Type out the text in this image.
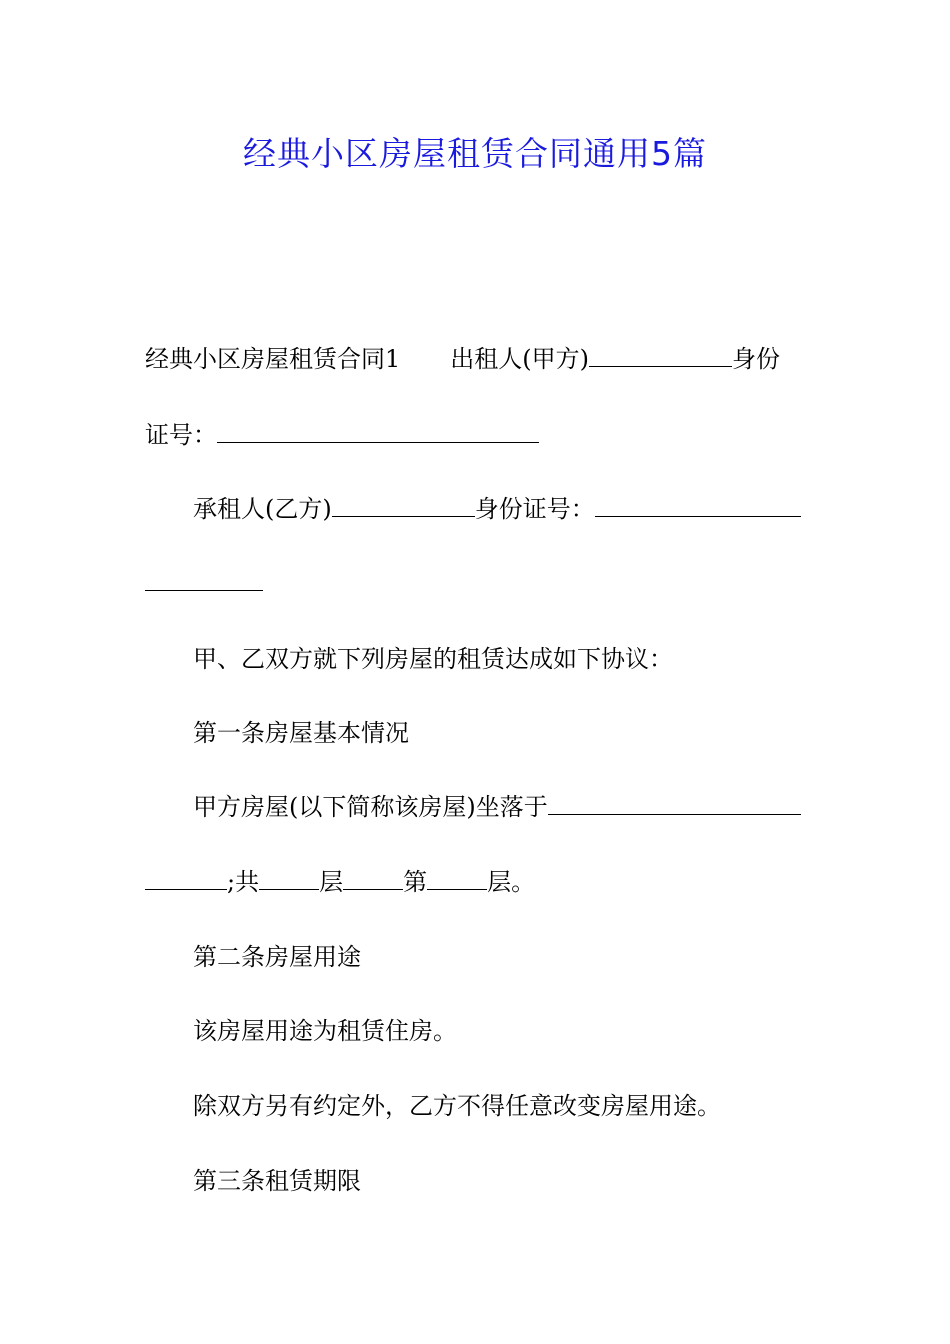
经典小区房屋租赁合同通用5篇
经典小区房屋租赁合同1 出租人(甲方)	身份
证号：
承租人(乙方)	身份证号：
甲、乙双方就下列房屋的租赁达成如下协议：
第一条房屋基本情况
甲方房屋(以下简称该房屋)坐落于
;共	层	第	层。
第二条房屋用途
该房屋用途为租赁住房。
除双方另有约定外，乙方不得任意改变房屋用途。
第三条租赁期限
